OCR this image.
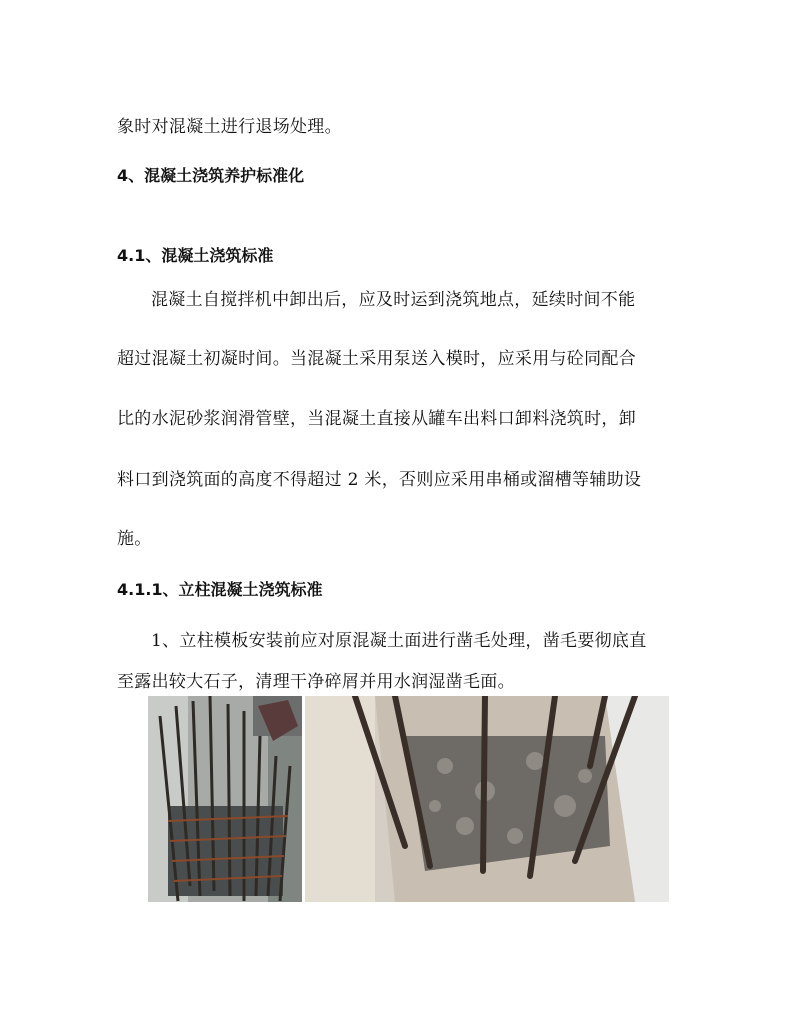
象时对混凝土进行退场处理。
4、混凝土浇筑养护标准化
4.1、混凝土浇筑标准
混凝土自搅拌机中卸出后，应及时运到浇筑地点，延续时间不能
超过混凝土初凝时间。当混凝土采用泵送入模时，应采用与砼同配合
比的水泥砂浆润滑管壁，当混凝土直接从罐车出料口卸料浇筑时，卸
料口到浇筑面的高度不得超过 2 米，否则应采用串桶或溜槽等辅助设
施。
4.1.1、立柱混凝土浇筑标准
1、立柱模板安装前应对原混凝土面进行凿毛处理，凿毛要彻底直
至露出较大石子，清理干净碎屑并用水润湿凿毛面。
